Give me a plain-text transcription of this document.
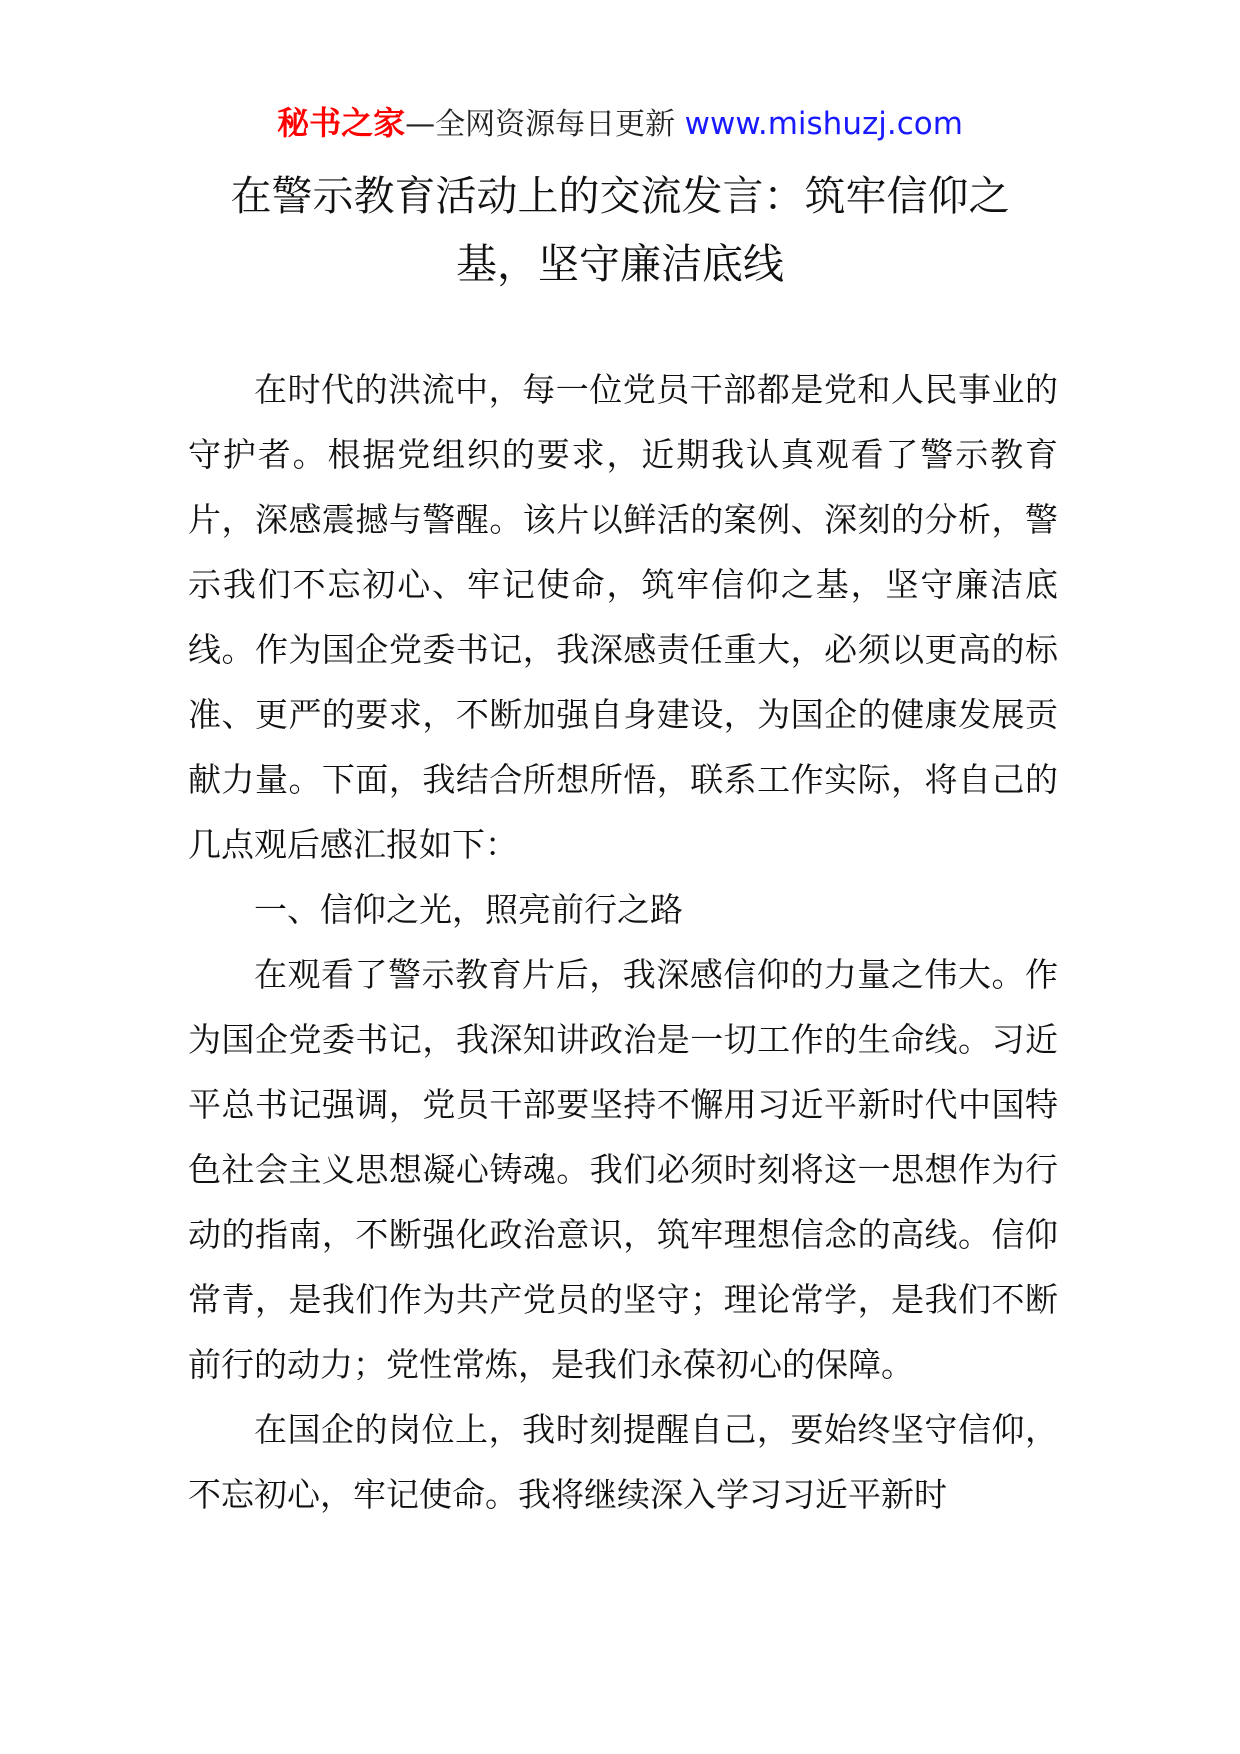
秘书之家—全网资源每日更新 www.mishuzj.com
在警示教育活动上的交流发言：筑牢信仰之基，坚守廉洁底线

在时代的洪流中，每一位党员干部都是党和人民事业的守护者。根据党组织的要求，近期我认真观看了警示教育片，深感震撼与警醒。该片以鲜活的案例、深刻的分析，警示我们不忘初心、牢记使命，筑牢信仰之基，坚守廉洁底线。作为国企党委书记，我深感责任重大，必须以更高的标准、更严的要求，不断加强自身建设，为国企的健康发展贡献力量。下面，我结合所想所悟，联系工作实际，将自己的几点观后感汇报如下：

一、信仰之光，照亮前行之路

在观看了警示教育片后，我深感信仰的力量之伟大。作为国企党委书记，我深知讲政治是一切工作的生命线。习近平总书记强调，党员干部要坚持不懈用习近平新时代中国特色社会主义思想凝心铸魂。我们必须时刻将这一思想作为行动的指南，不断强化政治意识，筑牢理想信念的高线。信仰常青，是我们作为共产党员的坚守；理论常学，是我们不断前行的动力；党性常炼，是我们永葆初心的保障。

在国企的岗位上，我时刻提醒自己，要始终坚守信仰，不忘初心，牢记使命。我将继续深入学习习近平新时
